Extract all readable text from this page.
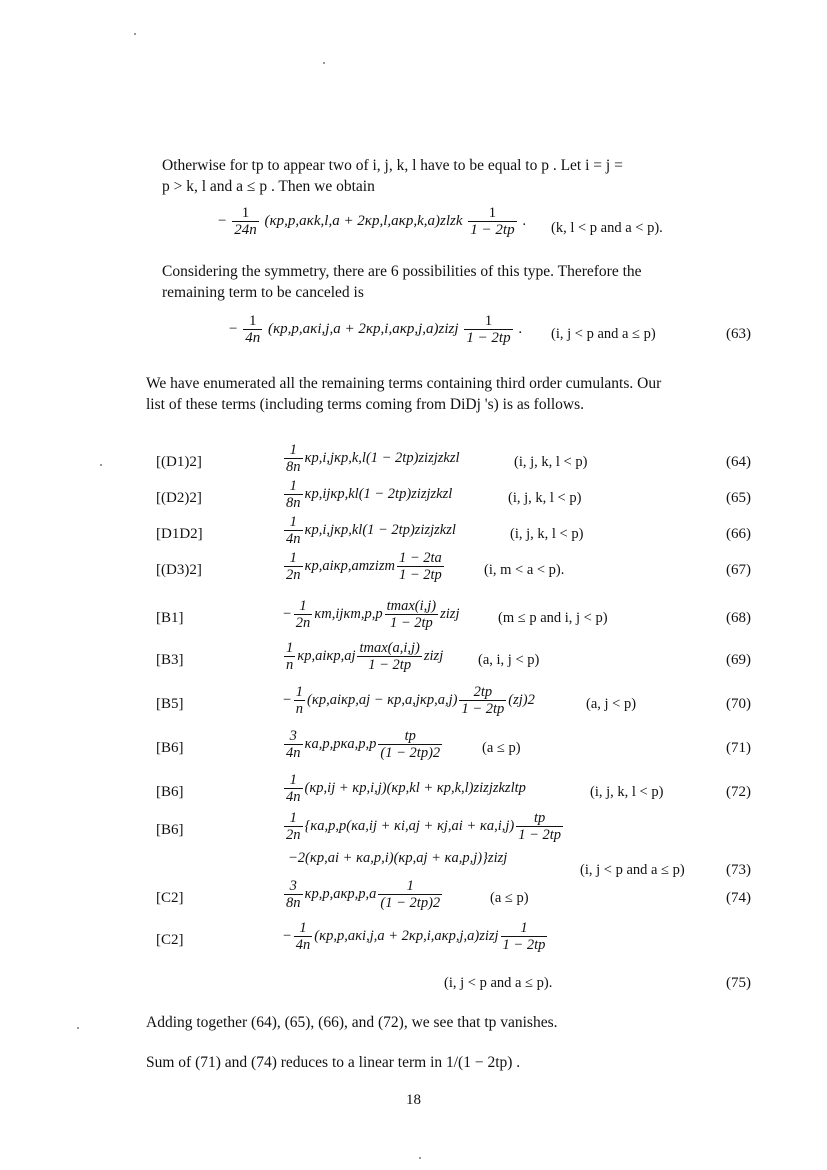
Otherwise for tp to appear two of i, j, k, l have to be equal to p . Let i = j =
p > k, l and a ≤ p . Then we obtain
− $\frac{1}{24n} (\kappa p,p,a\kappa k,l,a$ + 2κp,l,aκp,k,a)zlzk $\frac{1}{1 - 2tp}$ . (k, l < p and a < p).
Considering the symmetry, there are 6 possibilities of this type. Therefore the
remaining term to be canceled is
− $\frac{1}{4n} (\kappa p,p,a\kappa i,j,a$ + 2κp,i,aκp,j,a)zizj $\frac{1}{1 - 2tp}$ . (i, j < p and a ≤ p)	(63)
We have enumerated all the remaining terms containing third order cumulants. Our
list of these terms (including terms coming from DiDj 's) is as follows.
[(D1)2]	$\frac{1}{8n} \kappa p,i,j\kappa p,k,l(1$ − 2tp)zizjzkzl	(i, j, k, l < p)	(64)
[(D2)2]	$\frac{1}{8n} \kappa p,ij\kappa p,kl(1$ − 2tp)zizjzkzl	(i, j, k, l < p)	(65)
[D1D2]	$\frac{1}{4n} \kappa p,i,j\kappa p,kl(1$ − 2tp)zizjzkzl	(i, j, k, l < p)	(66)
[(D3)2]	$\frac{1}{2n}$ κp,aiκp,amzizm $\frac{1 - 2ta}{1 - 2tp}$	(i, m < a < p).	(67)
[B1]	− $\frac{1}{2n} \kappa m,ij\kappa m,p,p \frac{tmax(i,j)}{1 - 2tp}$ zizj	(m ≤ p and i, j < p)	(68)
[B3]	$\frac{1}{n} \kappa p,ai\kappa p,aj \frac{tmax(a,i,j)}{1 - 2tp}$ zizj (a, i, j < p)	(69)
[B5]	− $\frac{1}{n} (\kappa p,ai\kappa p,aj - \kappa p,a,j\kappa p,a,j) \frac{2tp}{1 - 2tp} (zj)2$	(a, j < p)	(70)
[B6]	$\frac{3}{4n} \kappa a,p,p\kappa a,p,p \frac{tp}{(1 - 2tp)2}$	(a ≤ p)	(71)
[B6]	$\frac{1}{4n} (\kappa p,ij + \kappa p,i,j)(\kappa p,kl$ + κp,k,l)zizjzkzltp	(i, j, k, l < p)	(72)
[B6]	$\frac{1}{2n} \{\kappa a,p,p(\kappa a,ij + \kappa i,aj + \kappa j,ai + \kappa a,i,j) \frac{tp}{1 - 2tp}$
−2(κp,ai + κa,p,i)(κp,aj + κa,p,j)}zizj
(i, j < p and a ≤ p)	(73)
[C2]	$\frac{3}{8n} \kappa p,p,a\kappa p,p,a \frac{1}{(1 - 2tp)2}$	(a ≤ p)	(74)
[C2]	− $\frac{1}{4n} (\kappa p,p,a\kappa i,j,a$ + 2κp,i,aκp,j,a)zizj $\frac{1}{1 - 2tp}$
(i, j < p and a ≤ p).	(75)
Adding together (64), (65), (66), and (72), we see that tp vanishes.
Sum of (71) and (74) reduces to a linear term in 1/(1 − 2tp) .
18
